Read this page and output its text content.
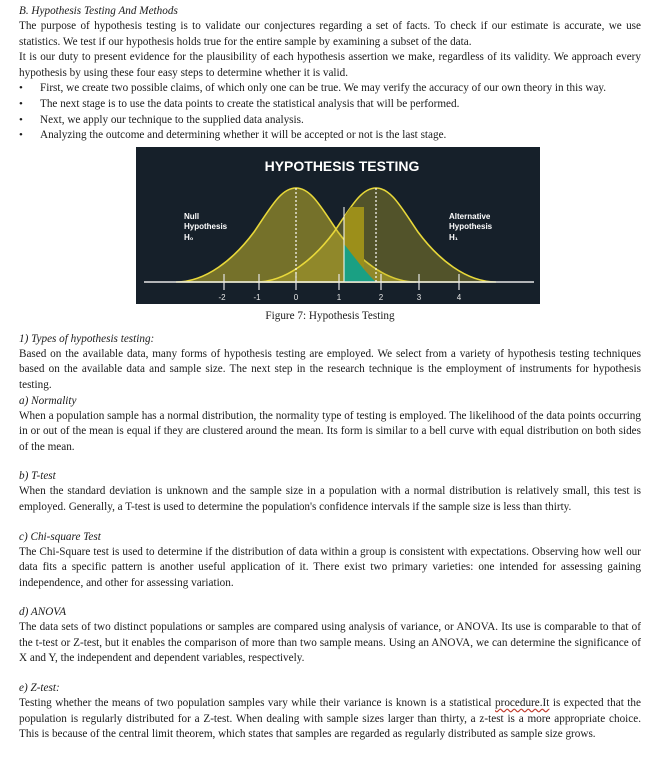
B. Hypothesis Testing And Methods

The purpose of hypothesis testing is to validate our conjectures regarding a set of facts. To check if our estimate is accurate, we use statistics. We test if our hypothesis holds true for the entire sample by examining a subset of the data.

It is our duty to present evidence for the plausibility of each hypothesis assertion we make, regardless of its validity. We approach every hypothesis by using these four easy steps to determine whether it is valid.

• First, we create two possible claims, of which only one can be true. We may verify the accuracy of our own theory in this way.
• The next stage is to use the data points to create the statistical analysis that will be performed.
• Next, we apply our technique to the supplied data analysis.
• Analyzing the outcome and determining whether it will be accepted or not is the last stage.
HYPOTHESIS TESTING
-2	-1	0	1	2	3	4
Null
Hypothesis
H₀
Alternative
Hypothesis
H₁

Figure 7: Hypothesis Testing

1) Types of hypothesis testing:

Based on the available data, many forms of hypothesis testing are employed. We select from a variety of hypothesis testing techniques based on the available data and sample size. The next step in the research technique is the employment of instruments for hypothesis testing.

a) Normality

When a population sample has a normal distribution, the normality type of testing is employed. The likelihood of the data points occurring in or out of the mean is equal if they are clustered around the mean. Its form is similar to a bell curve with equal distribution on both sides of the mean.

b) T-test

When the standard deviation is unknown and the sample size in a population with a normal distribution is relatively small, this test is employed. Generally, a T-test is used to determine the population's confidence intervals if the sample size is less than thirty.

c) Chi-square Test

The Chi-Square test is used to determine if the distribution of data within a group is consistent with expectations. Observing how well our data fits a specific pattern is another useful application of it. There exist two primary varieties: one intended for assessing gaining independence, and other for assessing variation.

d) ANOVA

The data sets of two distinct populations or samples are compared using analysis of variance, or ANOVA. Its use is comparable to that of the t-test or Z-test, but it enables the comparison of more than two sample means. Using an ANOVA, we can determine the significance of X and Y, the independent and dependent variables, respectively.

e) Z-test:

Testing whether the means of two population samples vary while their variance is known is a statistical procedure.It is expected that the population is regularly distributed for a Z-test. When dealing with sample sizes larger than thirty, a z-test is a more appropriate choice. This is because of the central limit theorem, which states that samples are regarded as regularly distributed as sample size grows.
